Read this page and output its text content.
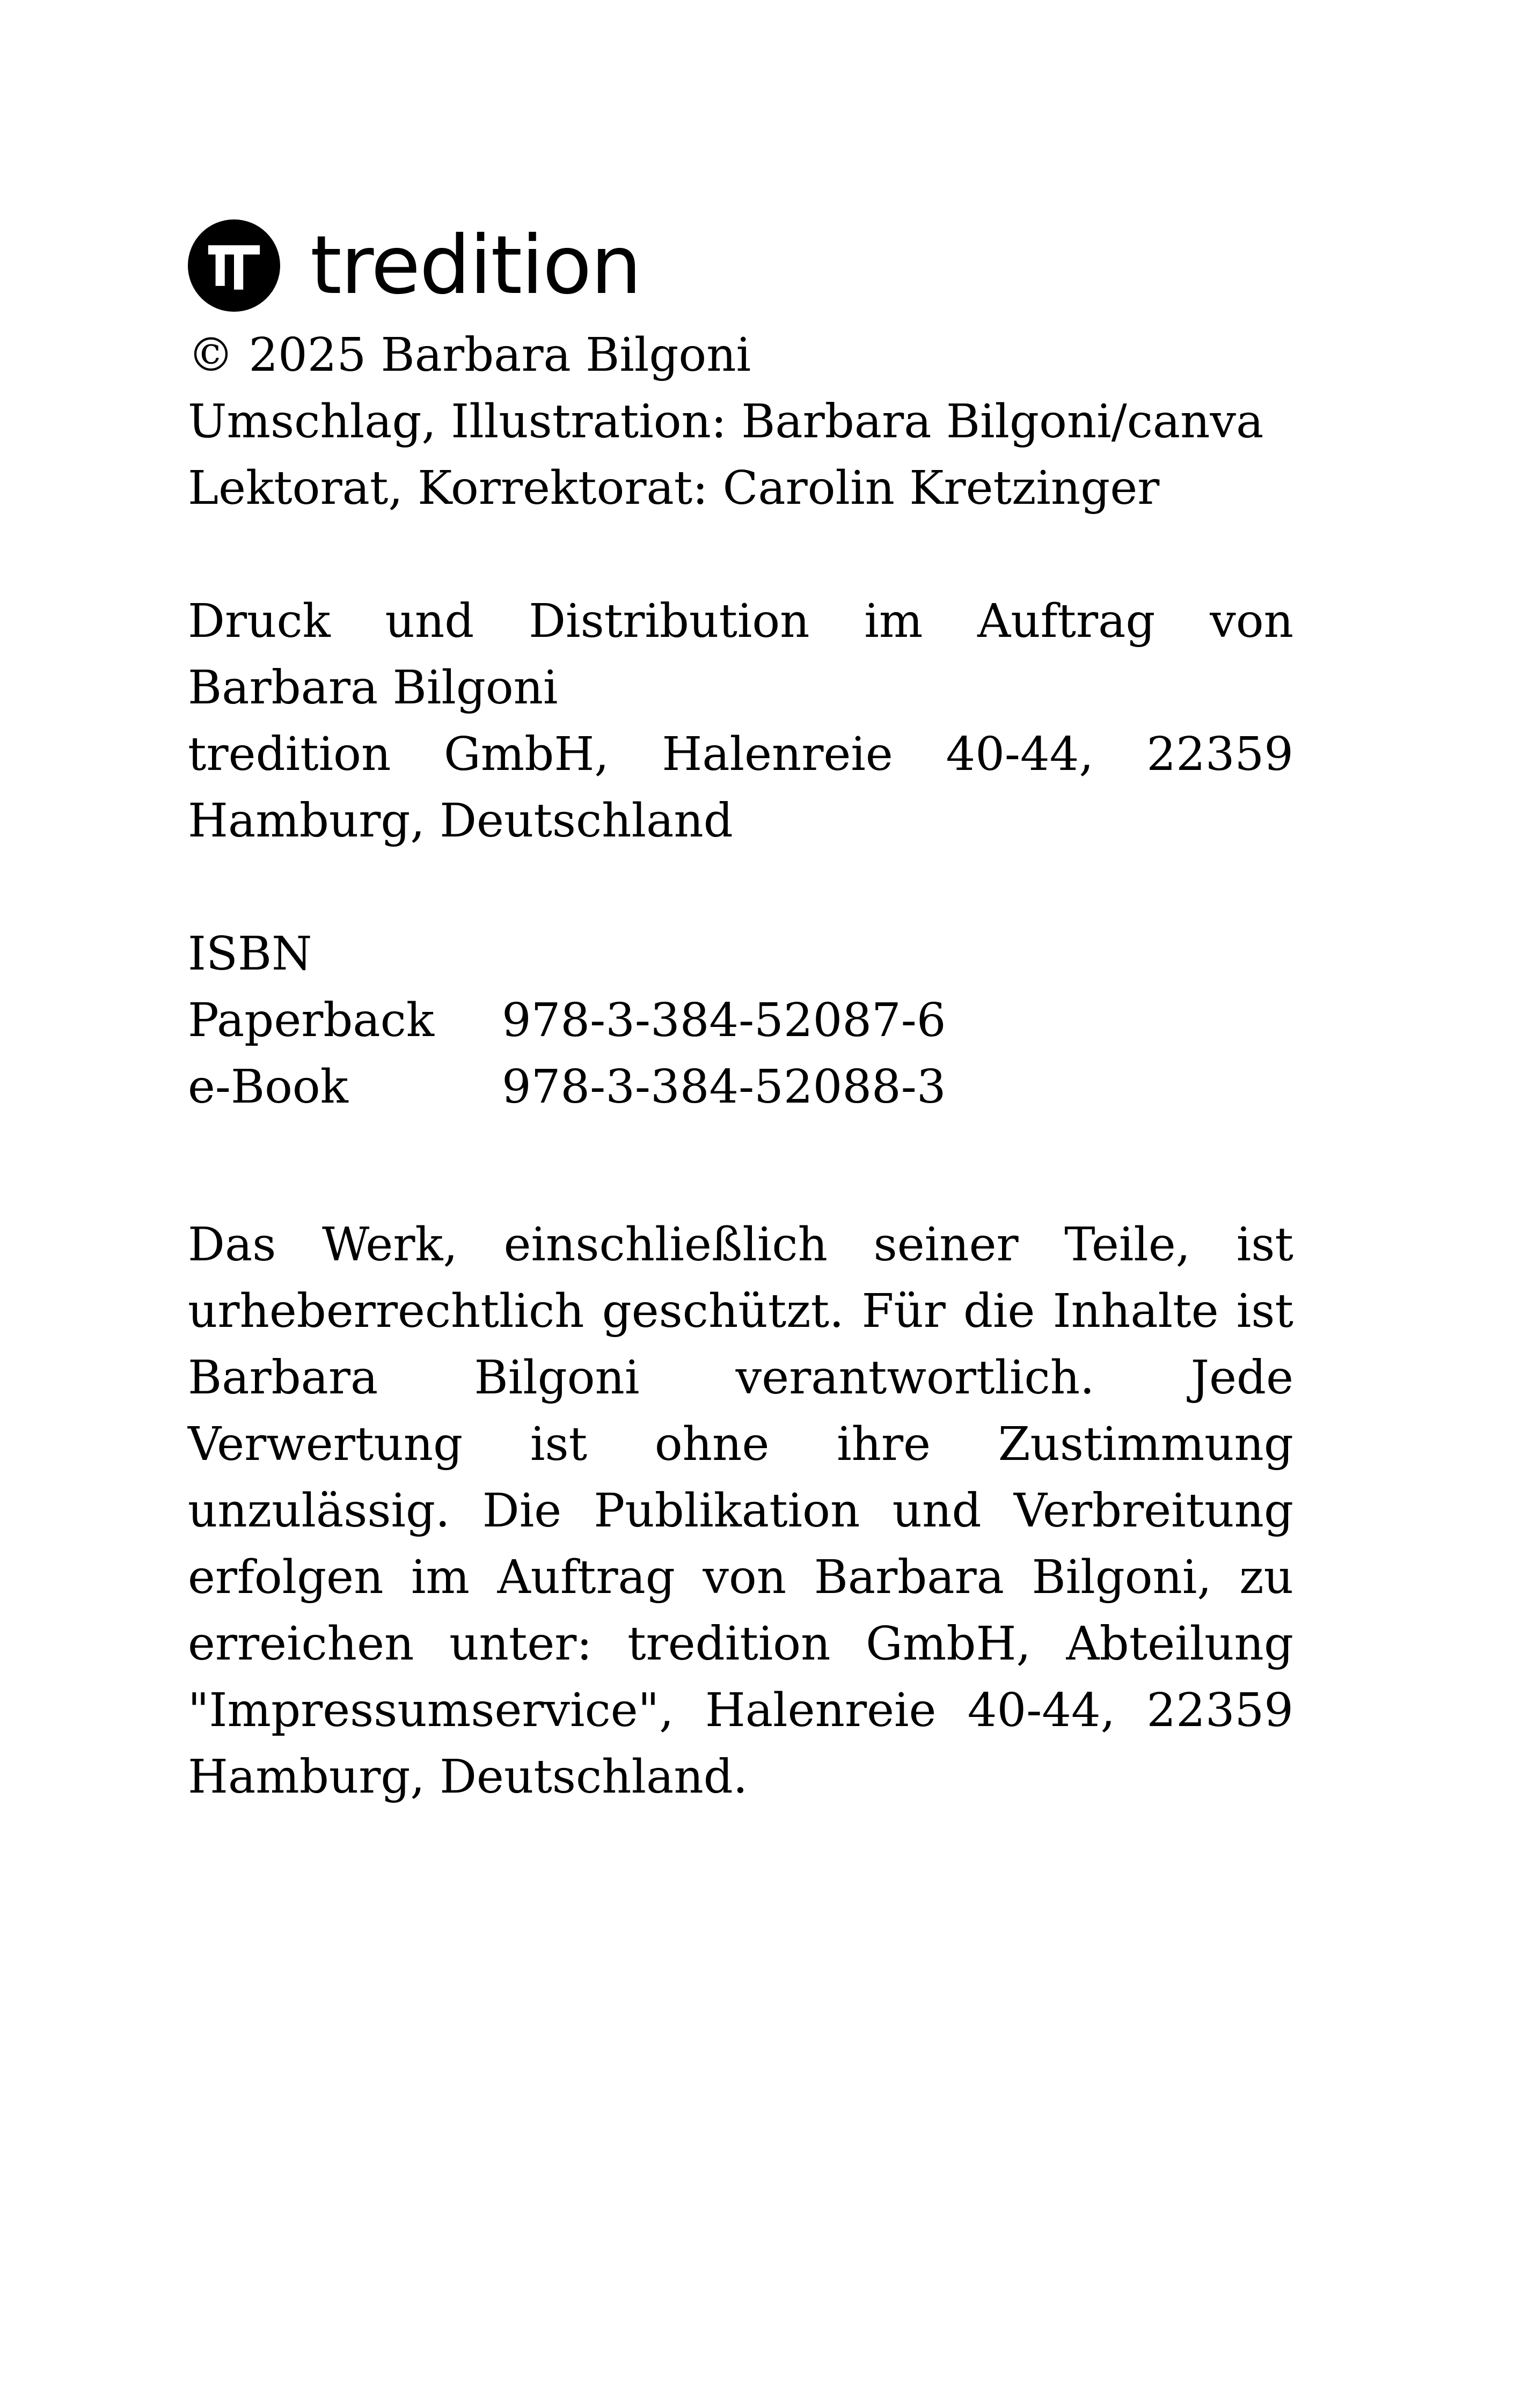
tredition
© 2025 Barbara Bilgoni
Umschlag, Illustration: Barbara Bilgoni/canva
Lektorat, Korrektorat: Carolin Kretzinger
Druck und Distribution im Auftrag von Barbara Bilgoni
tredition GmbH, Halenreie 40-44, 22359 Hamburg, Deutschland
ISBN
Paperback	978-3-384-52087-6
e-Book	978-3-384-52088-3
Das Werk, einschließlich seiner Teile, ist urheberrechtlich geschützt. Für die Inhalte ist Barbara Bilgoni verantwortlich. Jede Verwertung ist ohne ihre Zustimmung unzulässig. Die Publikation und Verbreitung erfolgen im Auftrag von Barbara Bilgoni, zu erreichen unter: tredition GmbH, Abteilung "Impressumservice", Halenreie 40-44, 22359 Hamburg, Deutschland.
